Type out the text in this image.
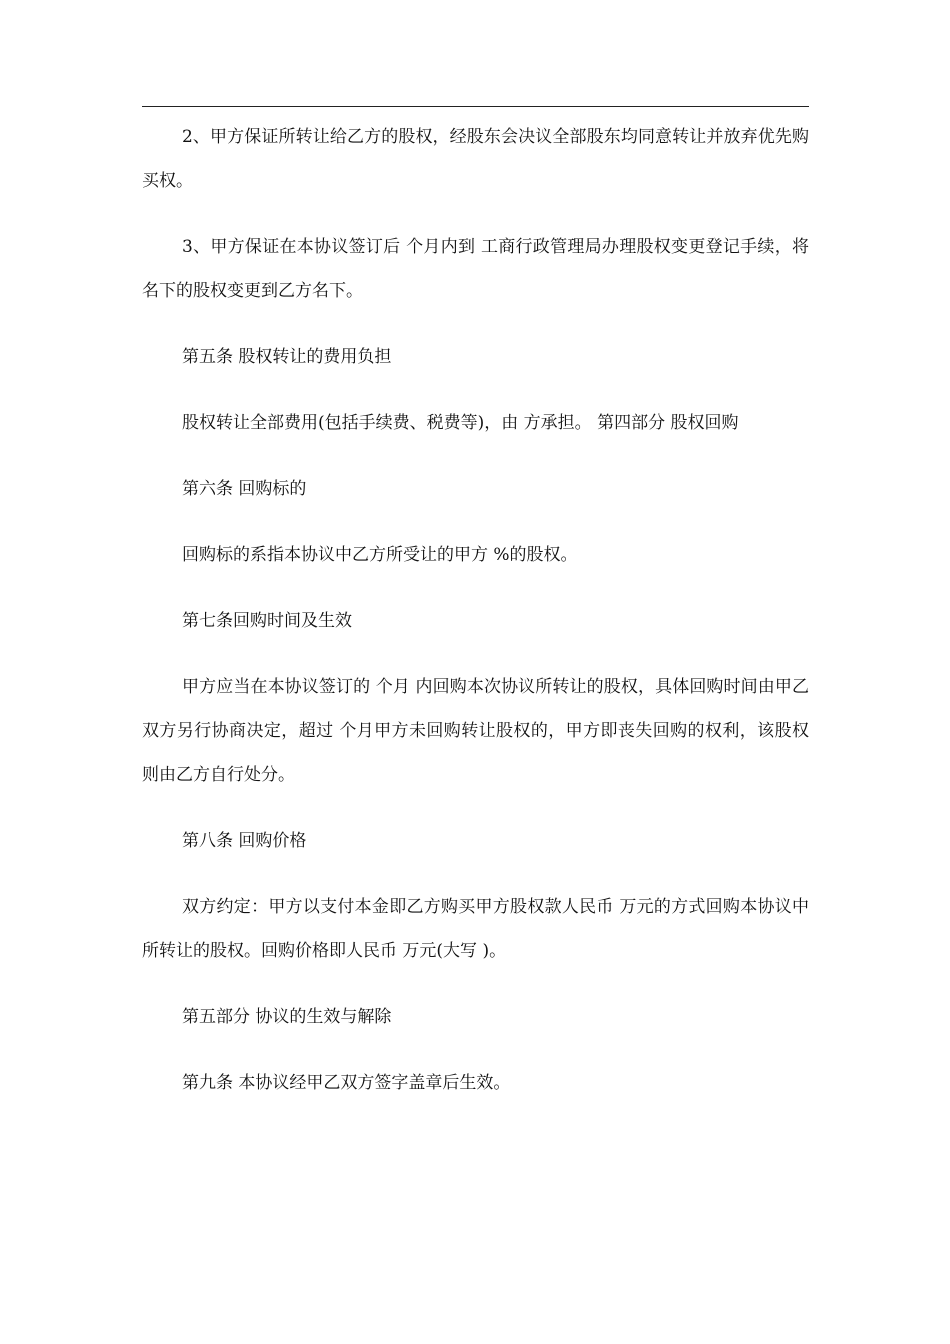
2、甲方保证所转让给乙方的股权，经股东会决议全部股东均同意转让并放弃优先购买权。

3、甲方保证在本协议签订后 个月内到 工商行政管理局办理股权变更登记手续，将 名下的股权变更到乙方名下。

第五条 股权转让的费用负担

股权转让全部费用(包括手续费、税费等)，由 方承担。 第四部分 股权回购

第六条 回购标的

回购标的系指本协议中乙方所受让的甲方 %的股权。

第七条回购时间及生效

甲方应当在本协议签订的 个月 内回购本次协议所转让的股权，具体回购时间由甲乙双方另行协商决定，超过 个月甲方未回购转让股权的，甲方即丧失回购的权利，该股权则由乙方自行处分。

第八条 回购价格

双方约定：甲方以支付本金即乙方购买甲方股权款人民币 万元的方式回购本协议中所转让的股权。回购价格即人民币 万元(大写 )。

第五部分 协议的生效与解除

第九条 本协议经甲乙双方签字盖章后生效。
